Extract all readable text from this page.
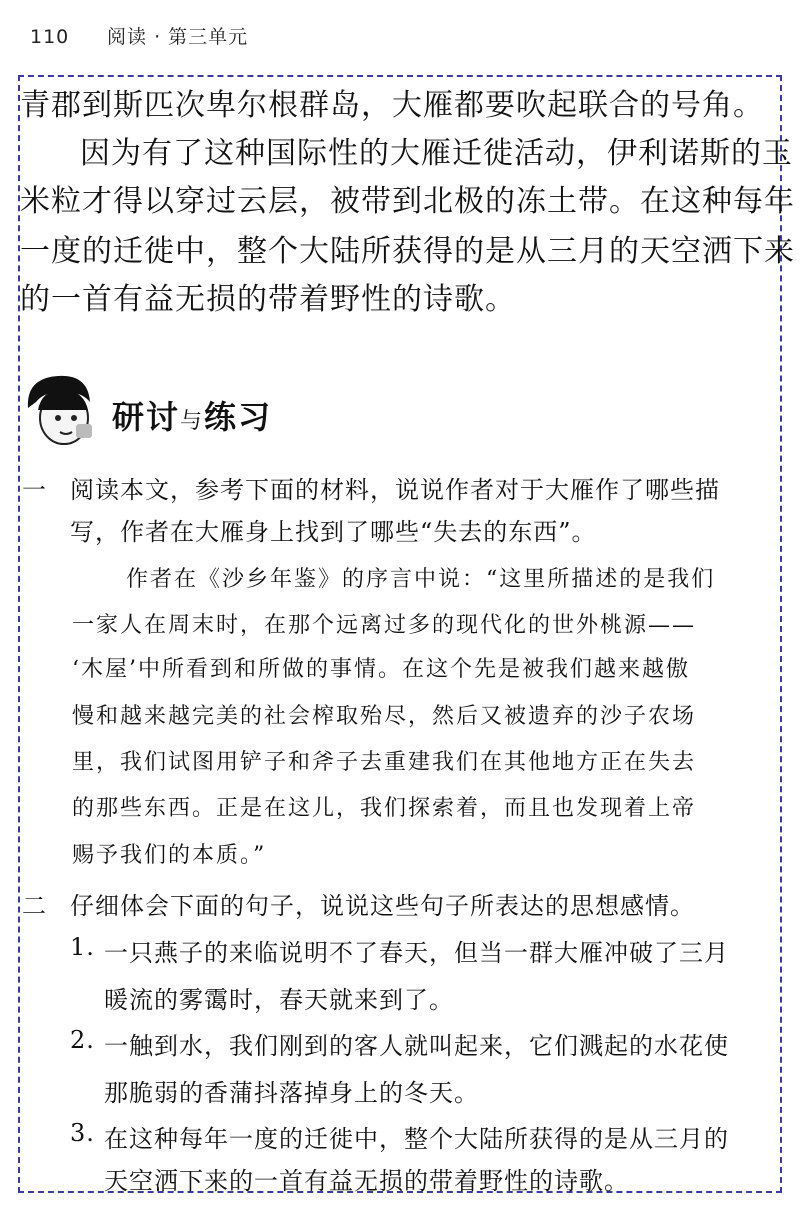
110 阅读 · 第三单元
青郡到斯匹次卑尔根群岛，大雁都要吹起联合的号角。
因为有了这种国际性的大雁迁徙活动，伊利诺斯的玉
米粒才得以穿过云层，被带到北极的冻土带。在这种每年
一度的迁徙中，整个大陆所获得的是从三月的天空洒下来
的一首有益无损的带着野性的诗歌。
研讨与练习
一 阅读本文，参考下面的材料，说说作者对于大雁作了哪些描
写，作者在大雁身上找到了哪些“失去的东西”。
作者在《沙乡年鉴》的序言中说：“这里所描述的是我们
一家人在周末时，在那个远离过多的现代化的世外桃源——
‘木屋’中所看到和所做的事情。在这个先是被我们越来越傲
慢和越来越完美的社会榨取殆尽，然后又被遗弃的沙子农场
里，我们试图用铲子和斧子去重建我们在其他地方正在失去
的那些东西。正是在这儿，我们探索着，而且也发现着上帝
赐予我们的本质。”
二 仔细体会下面的句子，说说这些句子所表达的思想感情。
1. 一只燕子的来临说明不了春天，但当一群大雁冲破了三月
暖流的雾霭时，春天就来到了。
2. 一触到水，我们刚到的客人就叫起来，它们溅起的水花使
那脆弱的香蒲抖落掉身上的冬天。
3. 在这种每年一度的迁徙中，整个大陆所获得的是从三月的
天空洒下来的一首有益无损的带着野性的诗歌。
